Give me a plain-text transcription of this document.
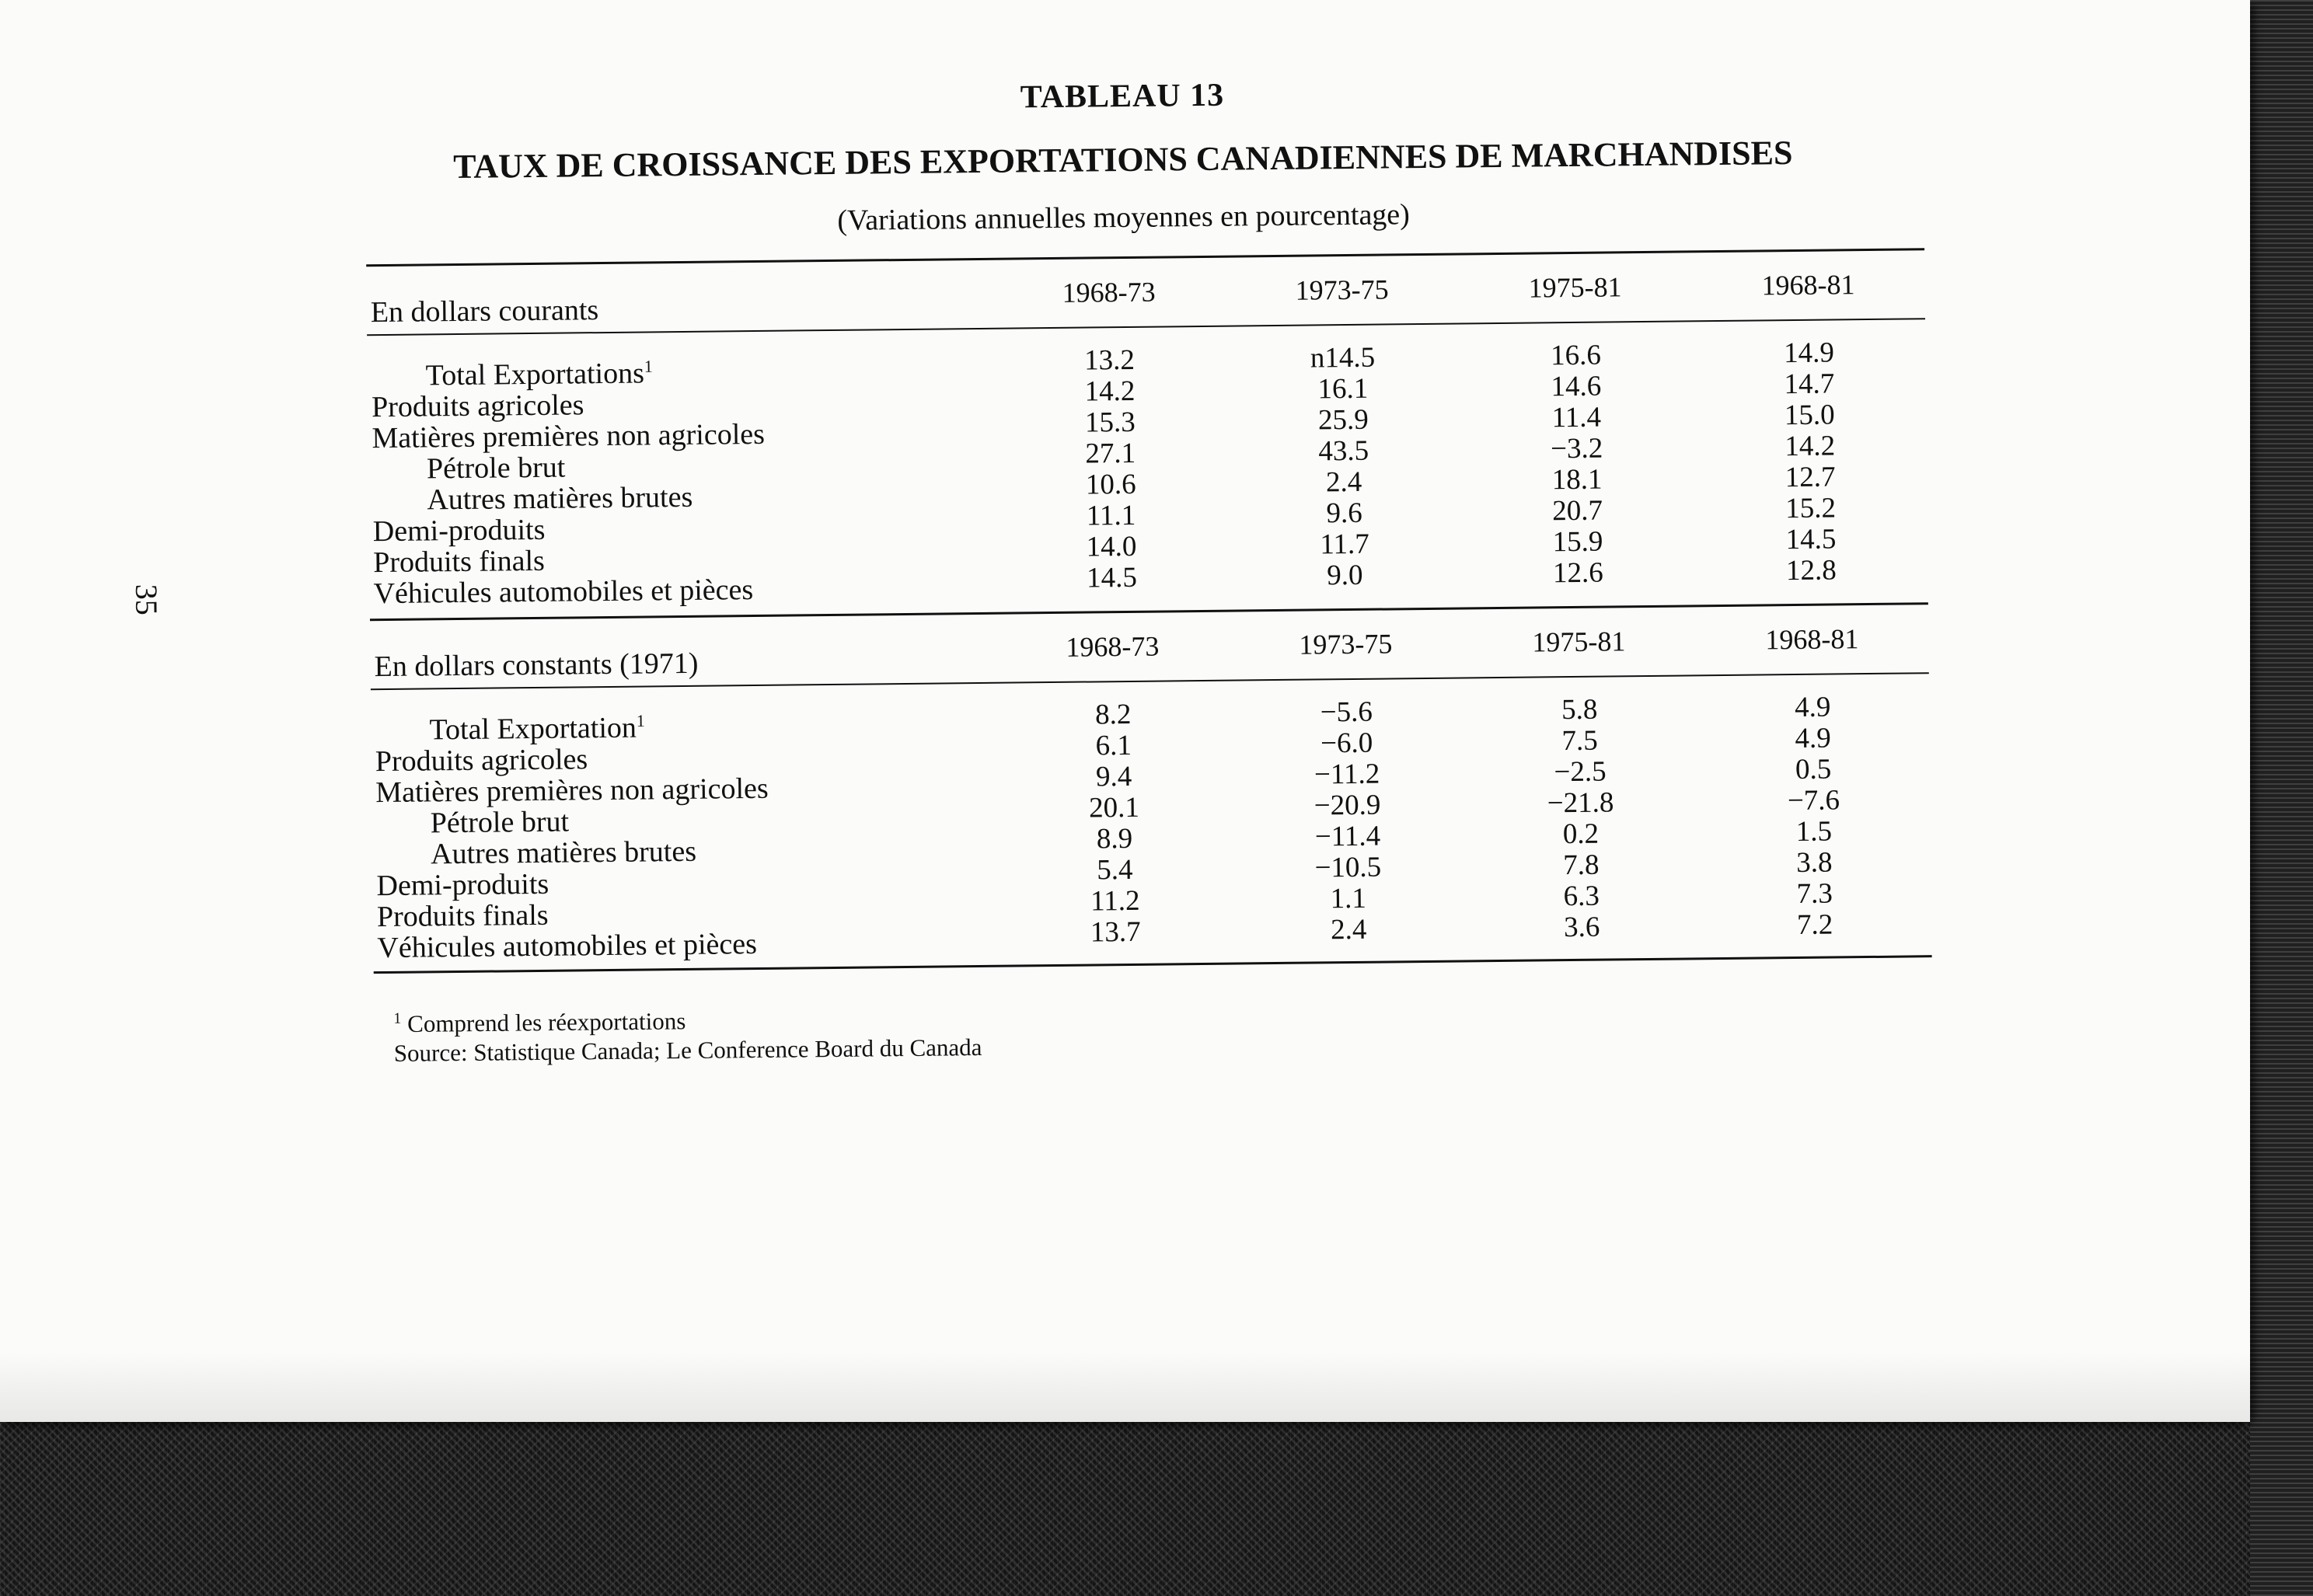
35
TABLEAU 13
TAUX DE CROISSANCE DES EXPORTATIONS CANADIENNES DE MARCHANDISES
(Variations annuelles moyennes en pourcentage)
En dollars courants
1968-73	1973-75	1975-81	1968-81
Total Exportations$^1$	13.2	n14.5	16.6	14.9
Produits agricoles	14.2	16.1	14.6	14.7
Matières premières non agricoles	15.3	25.9	11.4	15.0
Pétrole brut	27.1	43.5	−3.2	14.2
Autres matières brutes	10.6	2.4	18.1	12.7
Demi-produits	11.1	9.6	20.7	15.2
Produits finals	14.0	11.7	15.9	14.5
Véhicules automobiles et pièces	14.5	9.0	12.6	12.8
En dollars constants (1971)
1968-73	1973-75	1975-81	1968-81
Total Exportation$^1$	8.2	−5.6	5.8	4.9
Produits agricoles	6.1	−6.0	7.5	4.9
Matières premières non agricoles	9.4	−11.2	−2.5	0.5
Pétrole brut	20.1	−20.9	−21.8	−7.6
Autres matières brutes	8.9	−11.4	0.2	1.5
Demi-produits	5.4	−10.5	7.8	3.8
Produits finals	11.2	1.1	6.3	7.3
Véhicules automobiles et pièces	13.7	2.4	3.6	7.2
$^1$ Comprend les réexportations
Source: Statistique Canada; Le Conference Board du Canada
